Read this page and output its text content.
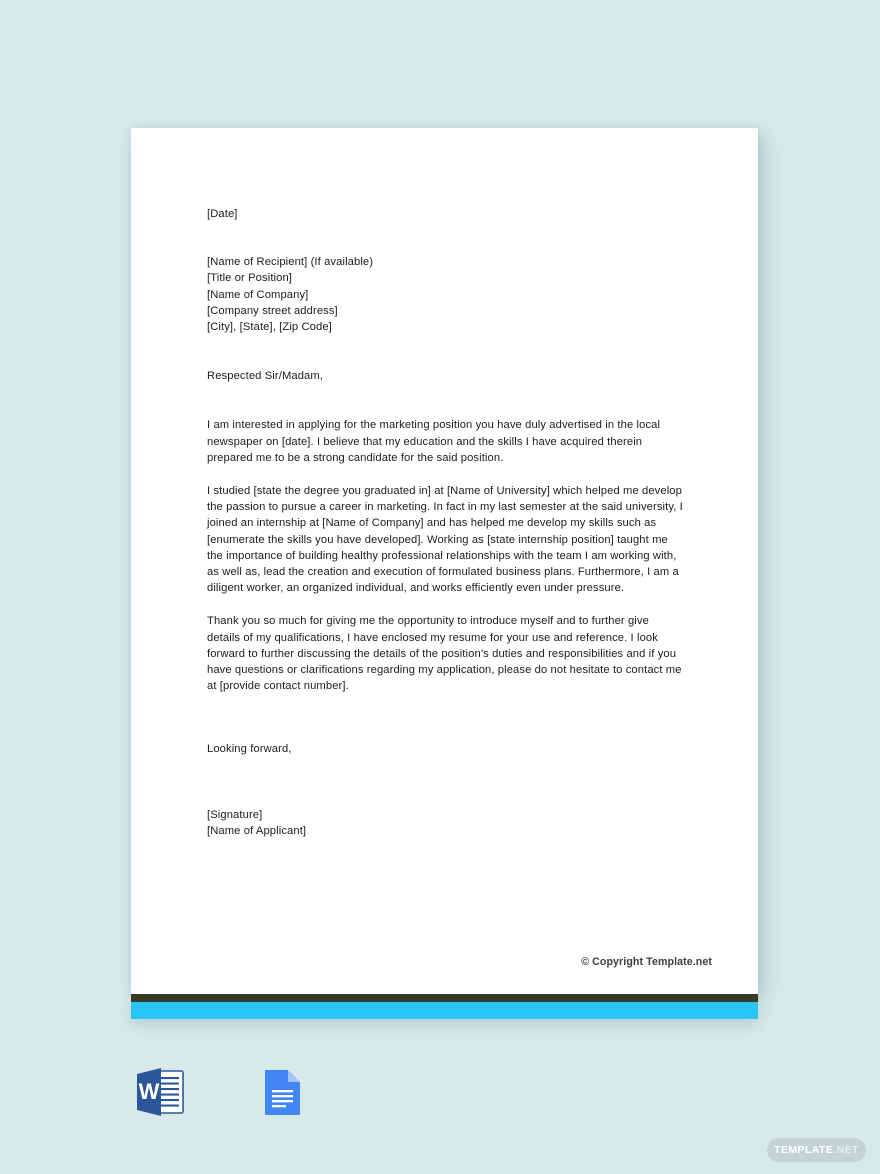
[Date]
[Name of Recipient] (If available)
[Title or Position]
[Name of Company]
[Company street address]
[City], [State], [Zip Code]
Respected Sir/Madam,
I am interested in applying for the marketing position you have duly advertised in the local newspaper on [date]. I believe that my education and the skills I have acquired therein prepared me to be a strong candidate for the said position.
I studied [state the degree you graduated in] at [Name of University] which helped me develop the passion to pursue a career in marketing. In fact in my last semester at the said university, I joined an internship at [Name of Company] and has helped me develop my skills such as [enumerate the skills you have developed]. Working as [state internship position] taught me the importance of building healthy professional relationships with the team I am working with, as well as, lead the creation and execution of formulated business plans. Furthermore, I am a diligent worker, an organized individual, and works efficiently even under pressure.
Thank you so much for giving me the opportunity to introduce myself and to further give details of my qualifications, I have enclosed my resume for your use and reference. I look forward to further discussing the details of the position’s duties and responsibilities and if you have questions or clarifications regarding my application, please do not hesitate to contact me at [provide contact number].
Looking forward,
[Signature]
[Name of Applicant]
© Copyright Template.net
W
TEMPLATE .NET
